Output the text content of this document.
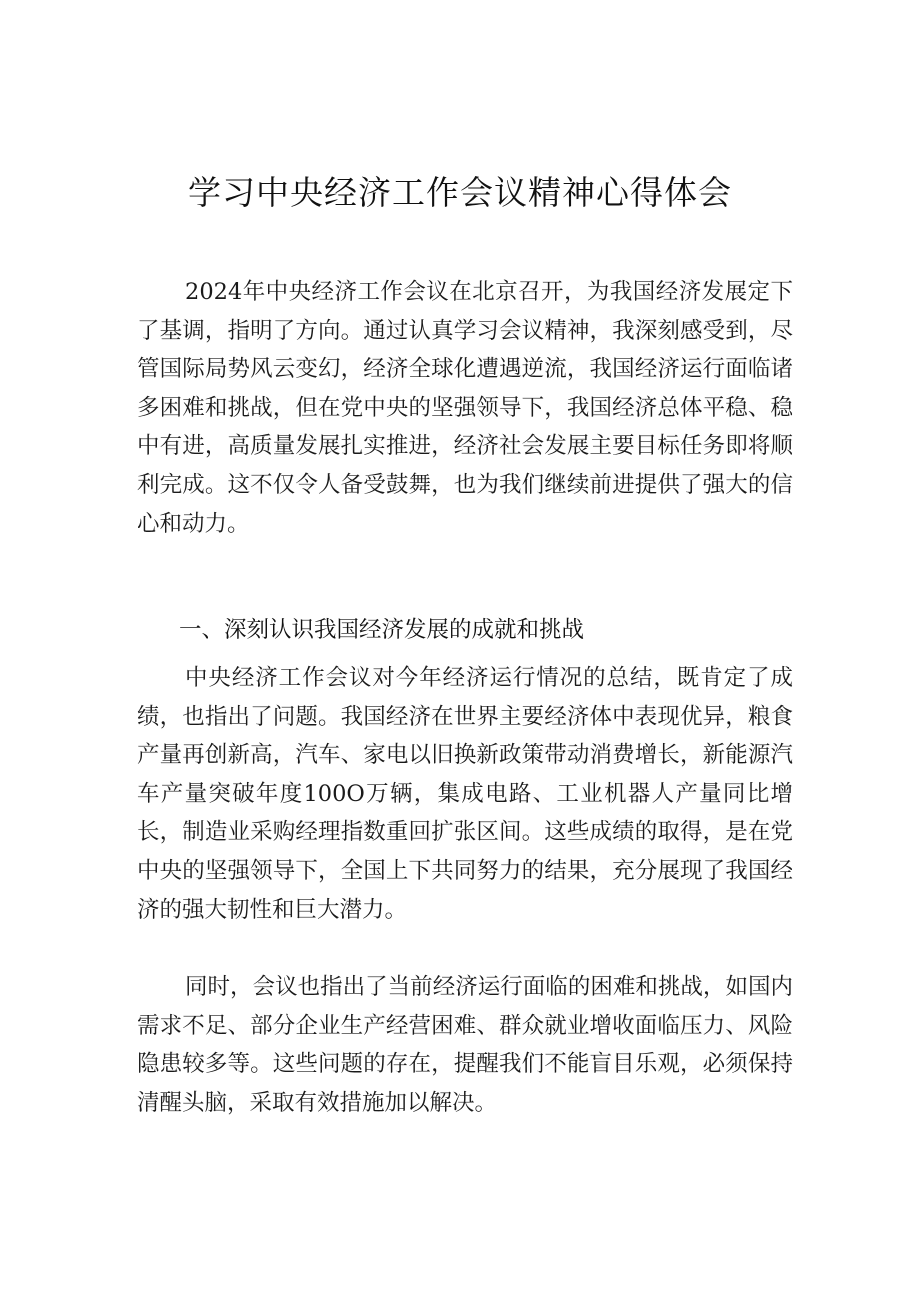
学习中央经济工作会议精神心得体会

2024年中央经济工作会议在北京召开，为我国经济发展定下了基调，指明了方向。通过认真学习会议精神，我深刻感受到，尽管国际局势风云变幻，经济全球化遭遇逆流，我国经济运行面临诸多困难和挑战，但在党中央的坚强领导下，我国经济总体平稳、稳中有进，高质量发展扎实推进，经济社会发展主要目标任务即将顺利完成。这不仅令人备受鼓舞，也为我们继续前进提供了强大的信心和动力。

一、深刻认识我国经济发展的成就和挑战

中央经济工作会议对今年经济运行情况的总结，既肯定了成绩，也指出了问题。我国经济在世界主要经济体中表现优异，粮食产量再创新高，汽车、家电以旧换新政策带动消费增长，新能源汽车产量突破年度100O万辆，集成电路、工业机器人产量同比增长，制造业采购经理指数重回扩张区间。这些成绩的取得，是在党中央的坚强领导下，全国上下共同努力的结果，充分展现了我国经济的强大韧性和巨大潜力。

同时，会议也指出了当前经济运行面临的困难和挑战，如国内需求不足、部分企业生产经营困难、群众就业增收面临压力、风险隐患较多等。这些问题的存在，提醒我们不能盲目乐观，必须保持清醒头脑，采取有效措施加以解决。
